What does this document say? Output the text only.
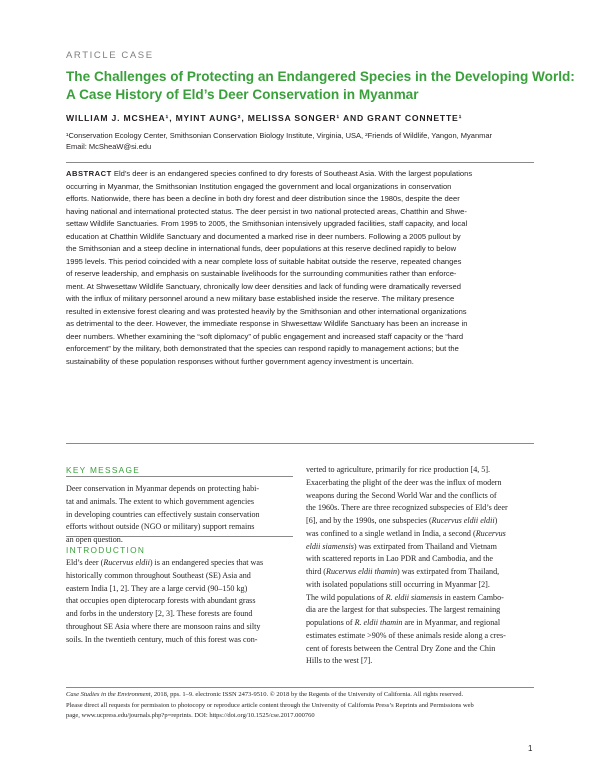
ARTICLE CASE
The Challenges of Protecting an Endangered Species in the Developing World:
A Case History of Eld’s Deer Conservation in Myanmar
WILLIAM J. MCSHEA¹, MYINT AUNG², MELISSA SONGER¹ AND GRANT CONNETTE¹
¹Conservation Ecology Center, Smithsonian Conservation Biology Institute, Virginia, USA, ²Friends of Wildlife, Yangon, Myanmar
Email: McSheaW@si.edu
ABSTRACT Eld’s deer is an endangered species confined to dry forests of Southeast Asia. With the largest populations
occurring in Myanmar, the Smithsonian Institution engaged the government and local organizations in conservation
efforts. Nationwide, there has been a decline in both dry forest and deer distribution since the 1980s, despite the deer
having national and international protected status. The deer persist in two national protected areas, Chatthin and Shwe-
settaw Wildlife Sanctuaries. From 1995 to 2005, the Smithsonian intensively upgraded facilities, staff capacity, and local
education at Chatthin Wildlife Sanctuary and documented a marked rise in deer numbers. Following a 2005 pullout by
the Smithsonian and a steep decline in international funds, deer populations at this reserve declined rapidly to below
1995 levels. This period coincided with a near complete loss of suitable habitat outside the reserve, repeated changes
of reserve leadership, and emphasis on sustainable livelihoods for the surrounding communities rather than enforce-
ment. At Shwesettaw Wildlife Sanctuary, chronically low deer densities and lack of funding were dramatically reversed
with the influx of military personnel around a new military base established inside the reserve. The military presence
resulted in extensive forest clearing and was protested heavily by the Smithsonian and other international organizations
as detrimental to the deer. However, the immediate response in Shwesettaw Wildlife Sanctuary has been an increase in
deer numbers. Whether examining the “soft diplomacy” of public engagement and increased staff capacity or the “hard
enforcement” by the military, both demonstrated that the species can respond rapidly to management actions; but the
sustainability of these population responses without further government agency investment is uncertain.
KEY MESSAGE
Deer conservation in Myanmar depends on protecting habi-
tat and animals. The extent to which government agencies
in developing countries can effectively sustain conservation
efforts without outside (NGO or military) support remains
an open question.
INTRODUCTION
Eld’s deer (Rucervus eldii) is an endangered species that was
historically common throughout Southeast (SE) Asia and
eastern India [1, 2]. They are a large cervid (90–150 kg)
that occupies open dipterocarp forests with abundant grass
and forbs in the understory [2, 3]. These forests are found
throughout SE Asia where there are monsoon rains and silty
soils. In the twentieth century, much of this forest was con-
verted to agriculture, primarily for rice production [4, 5].
Exacerbating the plight of the deer was the influx of modern
weapons during the Second World War and the conflicts of
the 1960s. There are three recognized subspecies of Eld’s deer
[6], and by the 1990s, one subspecies (Rucervus eldii eldii)
was confined to a single wetland in India, a second (Rucervus
eldii siamensis) was extirpated from Thailand and Vietnam
with scattered reports in Lao PDR and Cambodia, and the
third (Rucervus eldii thamin) was extirpated from Thailand,
with isolated populations still occurring in Myanmar [2].
The wild populations of R. eldii siamensis in eastern Cambo-
dia are the largest for that subspecies. The largest remaining
populations of R. eldii thamin are in Myanmar, and regional
estimates estimate >90% of these animals reside along a cres-
cent of forests between the Central Dry Zone and the Chin
Hills to the west [7].
Case Studies in the Environment, 2018, pps. 1–9. electronic ISSN 2473-9510. © 2018 by the Regents of the University of California. All rights reserved.
Please direct all requests for permission to photocopy or reproduce article content through the University of California Press’s Reprints and Permissions web
page, www.ucpress.edu/journals.php?p=reprints. DOI: https://doi.org/10.1525/cse.2017.000760
1
